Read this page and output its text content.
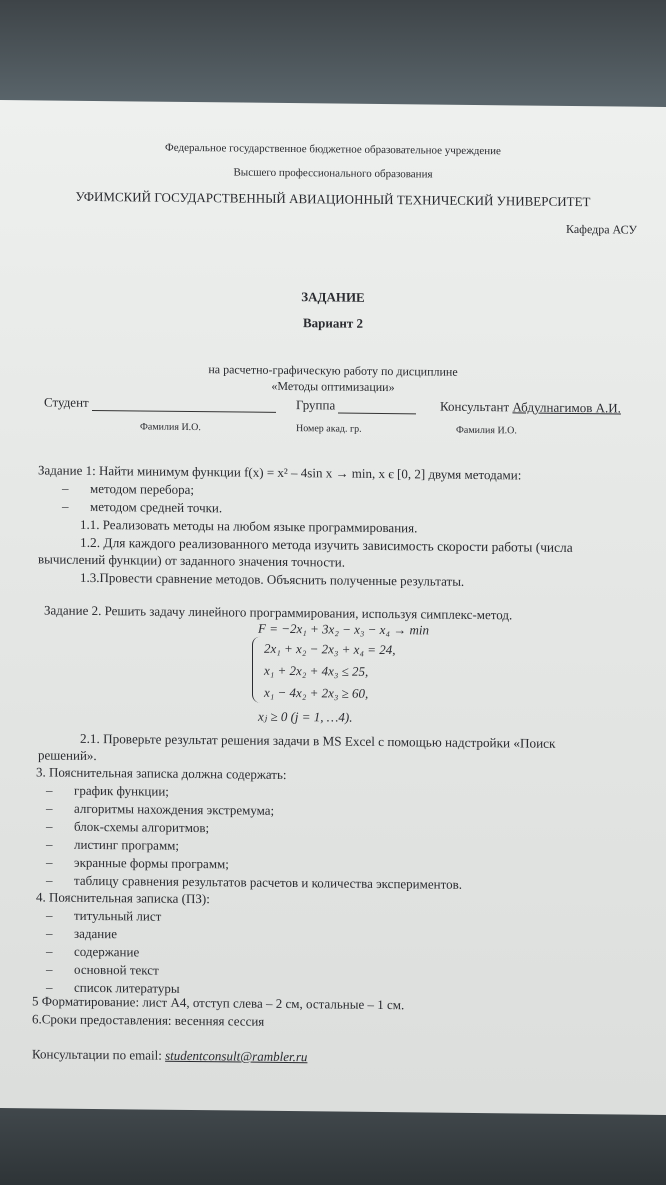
Федеральное государственное бюджетное образовательное учреждение
Высшего профессионального образования
УФИМСКИЙ ГОСУДАРСТВЕННЫЙ АВИАЦИОННЫЙ ТЕХНИЧЕСКИЙ УНИВЕРСИТЕТ
Кафедра АСУ
ЗАДАНИЕ
Вариант 2
на расчетно-графическую работу по дисциплине
«Методы оптимизации»
Студент	Группа	Консультант Абдулнагимов А.И.
Фамилия И.О.	Номер акад. гр.	Фамилия И.О.
Задание 1: Найти минимум функции f(x) = x² – 4sin x → min, x є [0, 2] двумя методами:
– методом перебора;
– методом средней точки.
1.1. Реализовать методы на любом языке программирования.
1.2. Для каждого реализованного метода изучить зависимость скорости работы (числа
вычислений функции) от заданного значения точности.
1.3.Провести сравнение методов. Объяснить полученные результаты.
Задание 2. Решить задачу линейного программирования, используя симплекс-метод.
F = −2x₁ + 3x₂ − x₃ − x₄ → min
2x₁ + x₂ − 2x₃ + x₄ = 24,
x₁ + 2x₂ + 4x₃ ≤ 25,
x₁ − 4x₂ + 2x₃ ≥ 60,
xⱼ ≥ 0 (j = 1, …4).
2.1. Проверьте результат решения задачи в MS Excel с помощью надстройки «Поиск
решений».
3. Пояснительная записка должна содержать:
– график функции;
– алгоритмы нахождения экстремума;
– блок-схемы алгоритмов;
– листинг программ;
– экранные формы программ;
– таблицу сравнения результатов расчетов и количества экспериментов.
4. Пояснительная записка (ПЗ):
– титульный лист
– задание
– содержание
– основной текст
– список литературы
5 Форматирование: лист А4, отступ слева – 2 см, остальные – 1 см.
6.Сроки предоставления: весенняя сессия
Консультации по email: studentconsult@rambler.ru
